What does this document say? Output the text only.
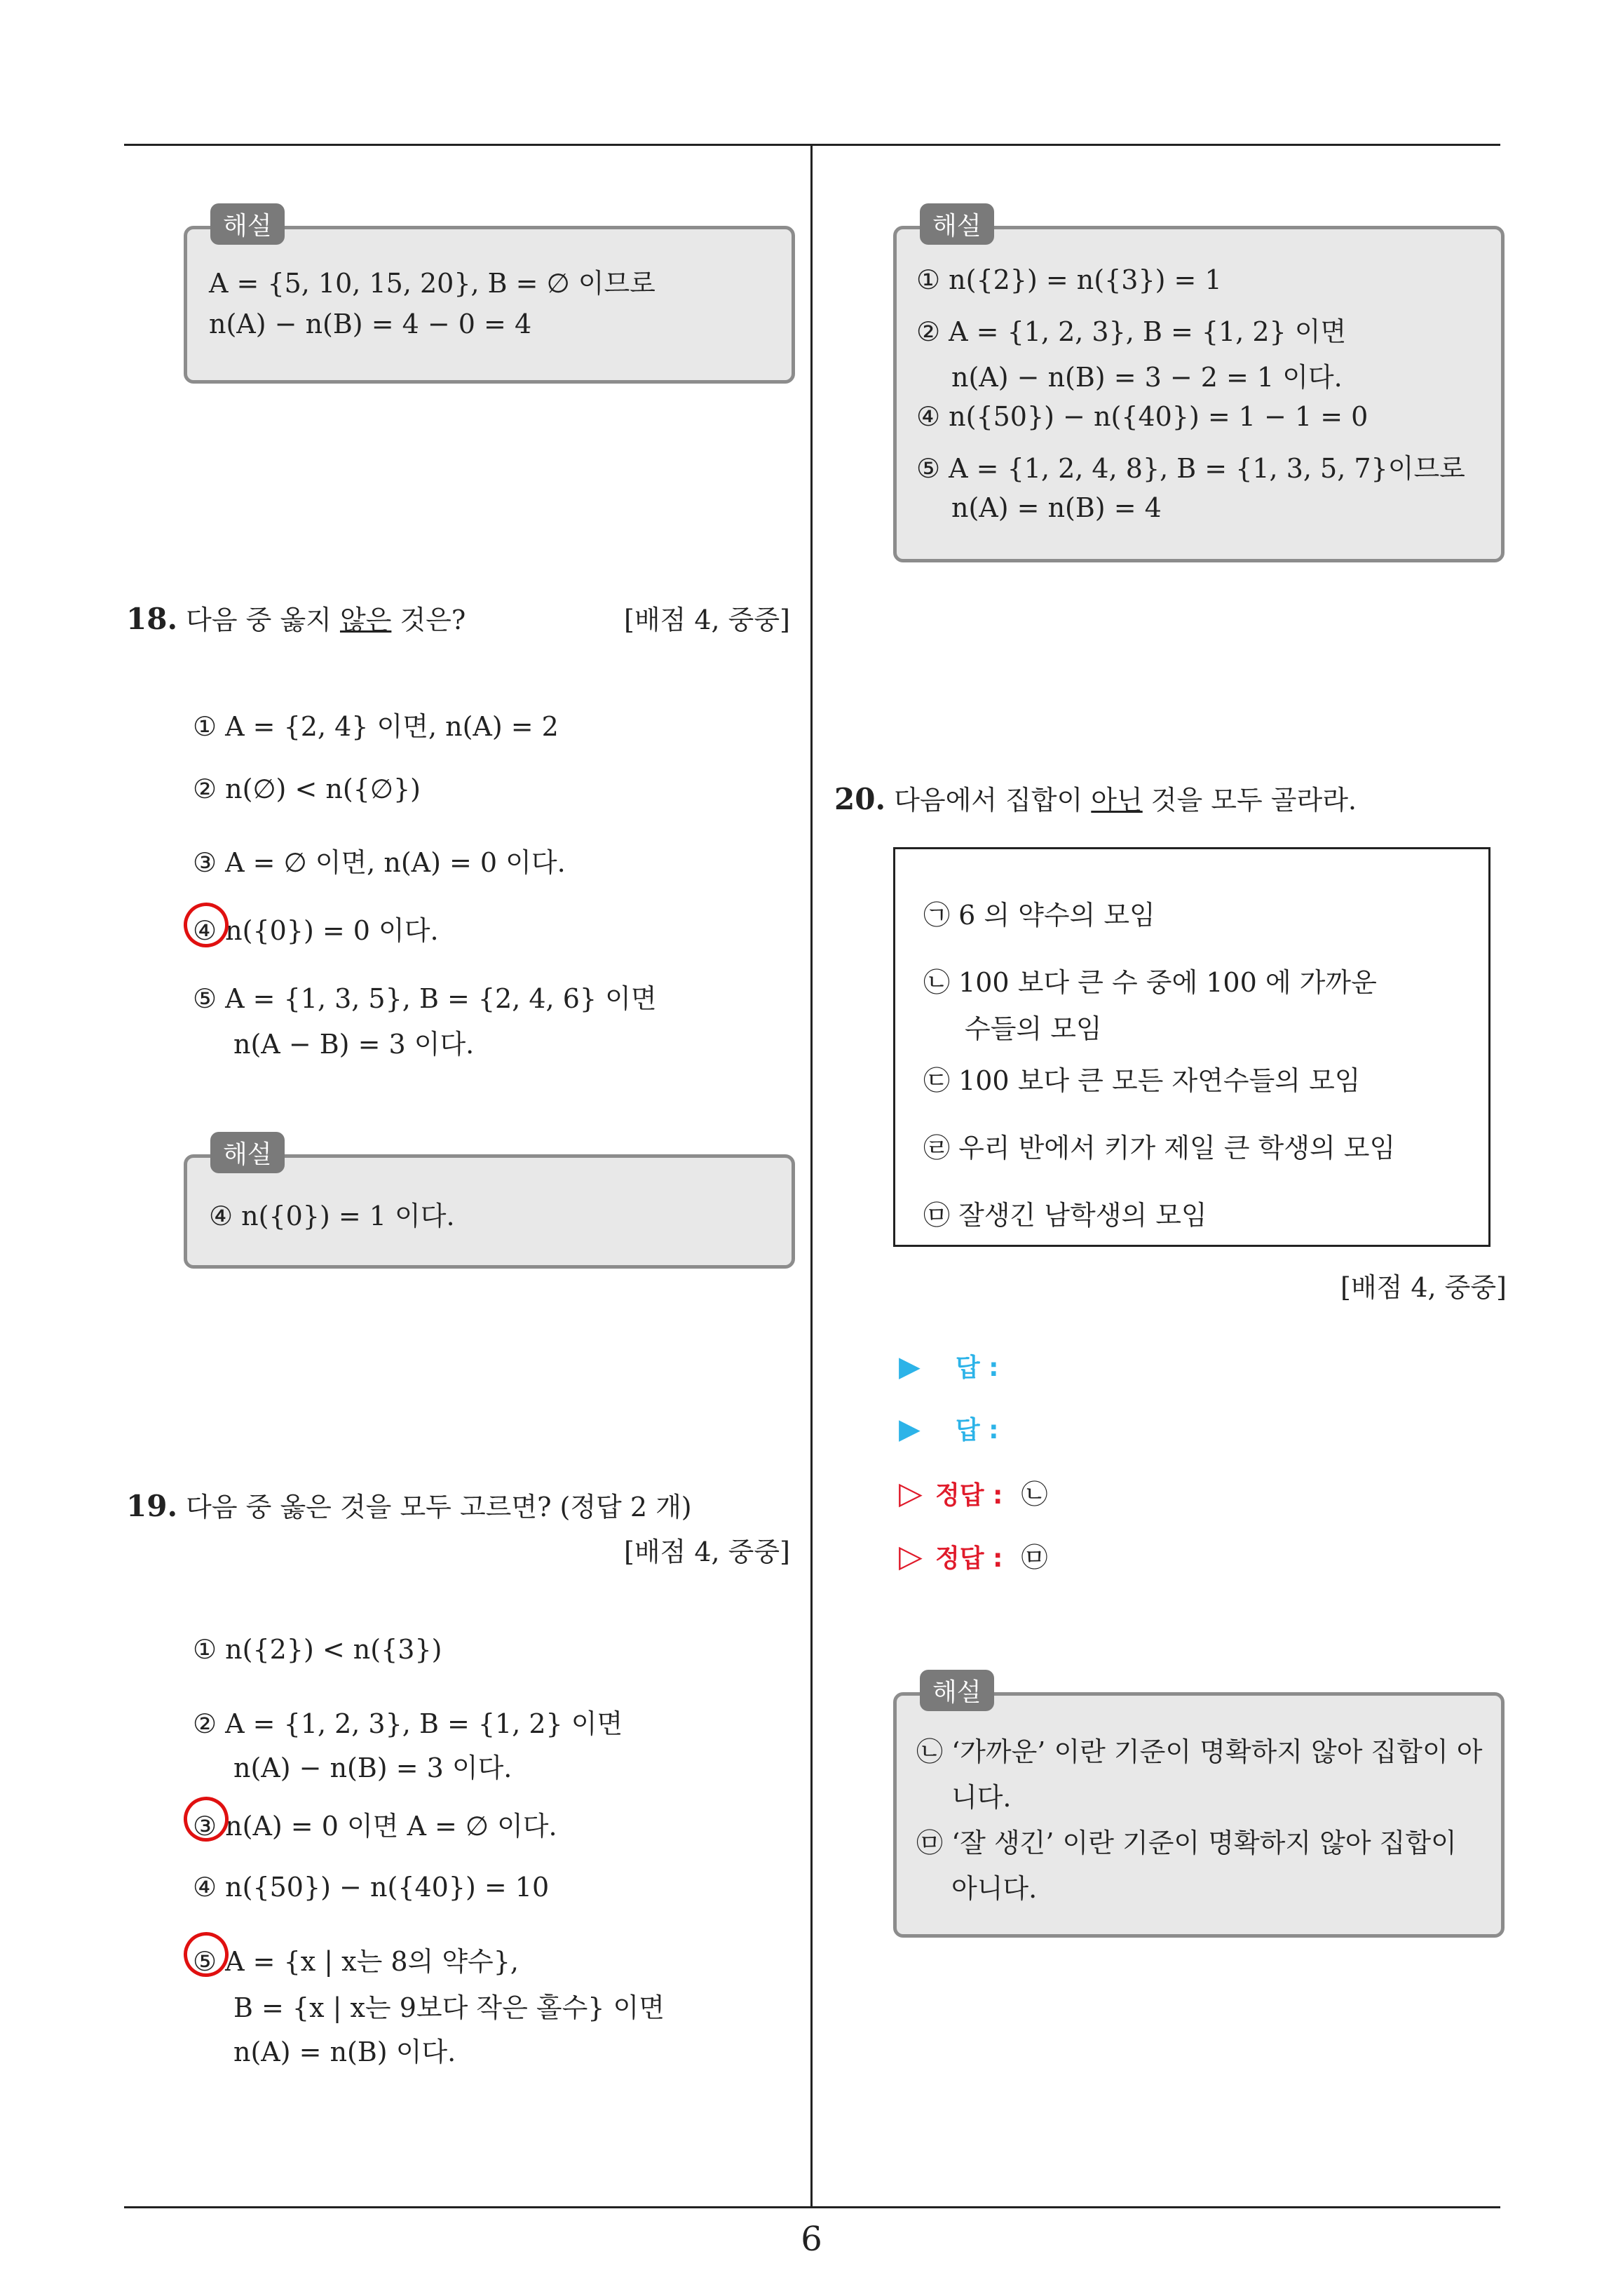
6
해설
A = {5, 10, 15, 20}, B = ∅ 이므로
n(A) − n(B) = 4 − 0 = 4
18. 다음 중 옳지 않은 것은?	[배점 4, 중중]
① A = {2, 4} 이면, n(A) = 2
② n(∅) < n({∅})
③ A = ∅ 이면, n(A) = 0 이다.
④ n({0}) = 0 이다.
⑤ A = {1, 3, 5}, B = {2, 4, 6} 이면
n(A − B) = 3 이다.
해설
④ n({0}) = 1 이다.
19. 다음 중 옳은 것을 모두 고르면? (정답 2 개)
[배점 4, 중중]
① n({2}) < n({3})
② A = {1, 2, 3}, B = {1, 2} 이면
n(A) − n(B) = 3 이다.
③ n(A) = 0 이면 A = ∅ 이다.
④ n({50}) − n({40}) = 10
⑤ A = {x | x는 8의 약수},
B = {x | x는 9보다 작은 홀수} 이면
n(A) = n(B) 이다.
해설
① n({2}) = n({3}) = 1
② A = {1, 2, 3}, B = {1, 2} 이면
n(A) − n(B) = 3 − 2 = 1 이다.
④ n({50}) − n({40}) = 1 − 1 = 0
⑤ A = {1, 2, 4, 8}, B = {1, 3, 5, 7}이므로
n(A) = n(B) = 4
20. 다음에서 집합이 아닌 것을 모두 골라라.
㉠ 6 의 약수의 모임
㉡ 100 보다 큰 수 중에 100 에 가까운
수들의 모임
㉢ 100 보다 큰 모든 자연수들의 모임
㉣ 우리 반에서 키가 제일 큰 학생의 모임
㉤ 잘생긴 남학생의 모임
[배점 4, 중중]
▶ 답 :
▶ 답 :
▷ 정답 : ㉡
▷ 정답 : ㉤
해설
㉡ ‘가까운’ 이란 기준이 명확하지 않아 집합이 아
니다.
㉤ ‘잘 생긴’ 이란 기준이 명확하지 않아 집합이
아니다.
